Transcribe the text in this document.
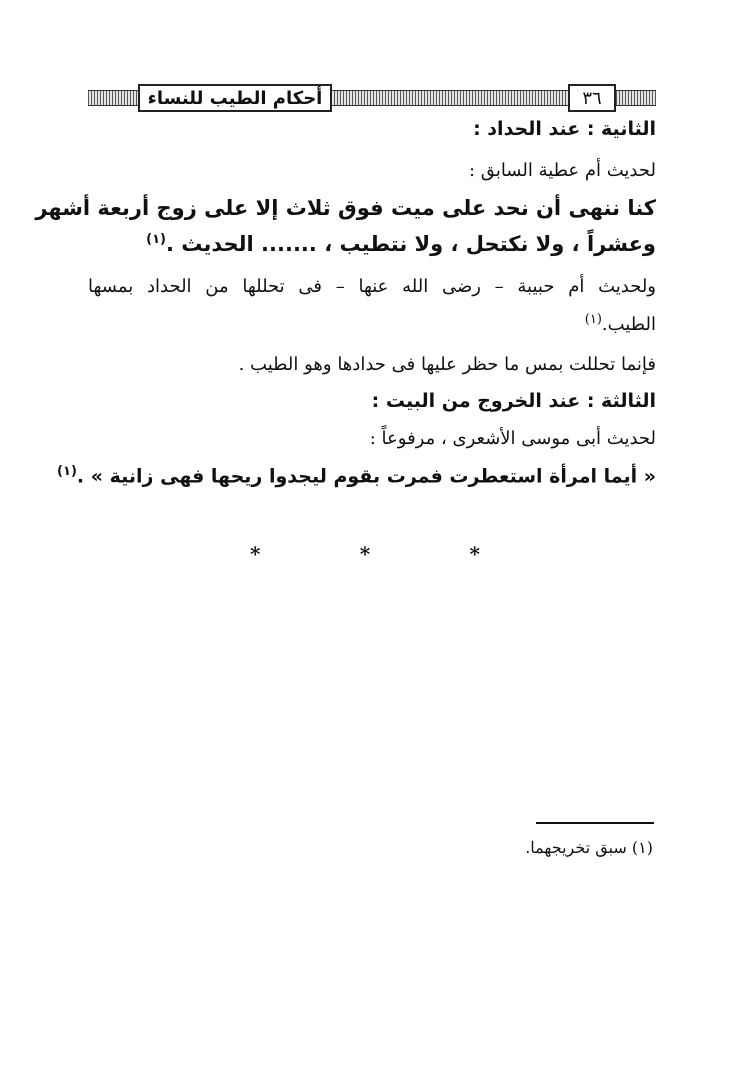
٣٦
أحكام الطيب للنساء
الثانية : عند الحداد :
لحديث أم عطية السابق :
كنا ننهى أن نحد على ميت فوق ثلاث إلا على زوج أربعة أشهر
وعشراً ، ولا نكتحل ، ولا نتطيب ، ....... الحديث .$^{(١)}$
ولحديث أم حبيبة – رضى الله عنها – فى تحللها من الحداد بمسها
الطيب.$^{(١)}$
فإنما تحللت بمس ما حظر عليها فى حدادها وهو الطيب .
الثالثة : عند الخروج من البيت :
لحديث أبى موسى الأشعرى ، مرفوعاً :
« أيما امرأة استعطرت فمرت بقوم ليجدوا ريحها فهى زانية » .$^{(١)}$
*	*	*
(١) سبق تخريجهما.
